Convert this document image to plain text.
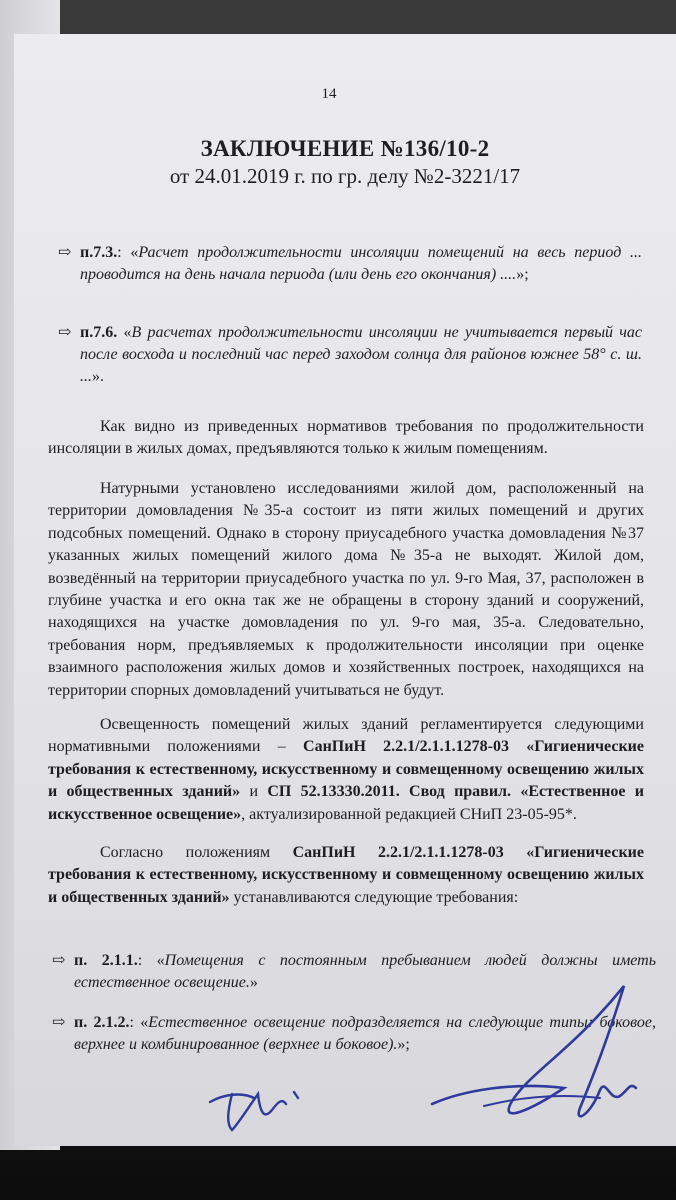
14
ЗАКЛЮЧЕНИЕ №136/10-2
от 24.01.2019 г. по гр. делу №2-3221/17
⇨ п.7.3.: «Расчет продолжительности инсоляции помещений на весь период ... проводится на день начала периода (или день его окончания) ....»;
⇨ п.7.6. «В расчетах продолжительности инсоляции не учитывается первый час после восхода и последний час перед заходом солнца для районов южнее 58° с. ш. ...».
Как видно из приведенных нормативов требования по продолжительности инсоляции в жилых домах, предъявляются только к жилым помещениям.
Натурными установлено исследованиями жилой дом, расположенный на территории домовладения №35-а состоит из пяти жилых помещений и других подсобных помещений. Однако в сторону приусадебного участка домовладения №37 указанных жилых помещений жилого дома №35-а не выходят. Жилой дом, возведённый на территории приусадебного участка по ул. 9-го Мая, 37, расположен в глубине участка и его окна так же не обращены в сторону зданий и сооружений, находящихся на участке домовладения по ул. 9-го мая, 35-а. Следовательно, требования норм, предъявляемых к продолжительности инсоляции при оценке взаимного расположения жилых домов и хозяйственных построек, находящихся на территории спорных домовладений учитываться не будут.
Освещенность помещений жилых зданий регламентируется следующими нормативными положениями – СанПиН 2.2.1/2.1.1.1278-03 «Гигиенические требования к естественному, искусственному и совмещенному освещению жилых и общественных зданий» и СП 52.13330.2011. Свод правил. «Естественное и искусственное освещение», актуализированной редакцией СНиП 23-05-95*.
Согласно положениям СанПиН 2.2.1/2.1.1.1278-03 «Гигиенические требования к естественному, искусственному и совмещенному освещению жилых и общественных зданий» устанавливаются следующие требования:
⇨ п. 2.1.1.: «Помещения с постоянным пребыванием людей должны иметь естественное освещение.»
⇨ п. 2.1.2.: «Естественное освещение подразделяется на следующие типы: боковое, верхнее и комбинированное (верхнее и боковое).»;
